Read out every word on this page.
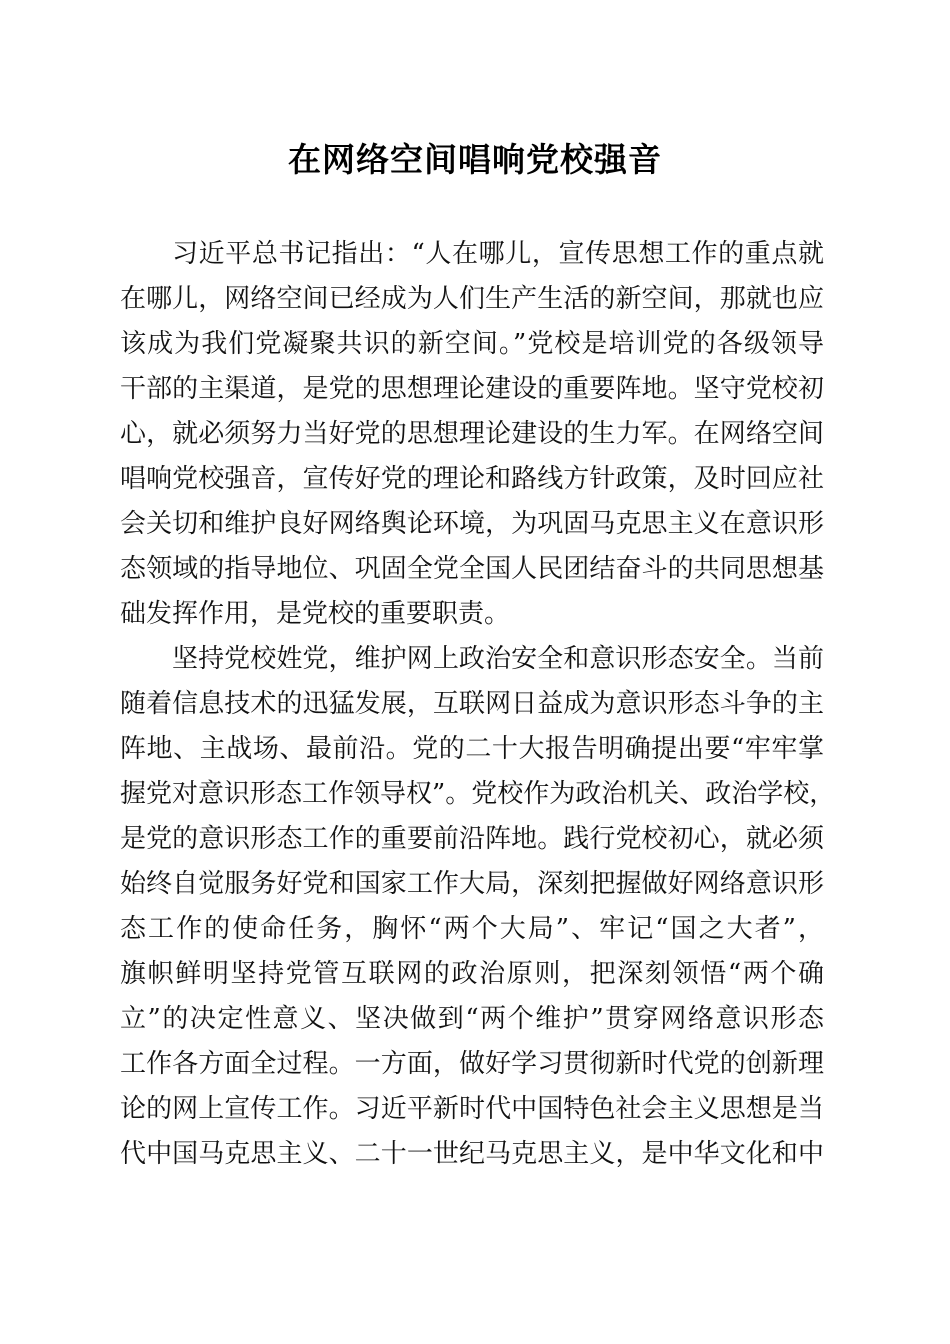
在网络空间唱响党校强音
习近平总书记指出：“人在哪儿，宣传思想工作的重点就
在哪儿，网络空间已经成为人们生产生活的新空间，那就也应
该成为我们党凝聚共识的新空间。”党校是培训党的各级领导
干部的主渠道，是党的思想理论建设的重要阵地。坚守党校初
心，就必须努力当好党的思想理论建设的生力军。在网络空间
唱响党校强音，宣传好党的理论和路线方针政策，及时回应社
会关切和维护良好网络舆论环境，为巩固马克思主义在意识形
态领域的指导地位、巩固全党全国人民团结奋斗的共同思想基
础发挥作用，是党校的重要职责。
坚持党校姓党，维护网上政治安全和意识形态安全。当前
随着信息技术的迅猛发展，互联网日益成为意识形态斗争的主
阵地、主战场、最前沿。党的二十大报告明确提出要“牢牢掌
握党对意识形态工作领导权”。党校作为政治机关、政治学校，
是党的意识形态工作的重要前沿阵地。践行党校初心，就必须
始终自觉服务好党和国家工作大局，深刻把握做好网络意识形
态工作的使命任务，胸怀“两个大局”、牢记“国之大者”，
旗帜鲜明坚持党管互联网的政治原则，把深刻领悟“两个确
立”的决定性意义、坚决做到“两个维护”贯穿网络意识形态
工作各方面全过程。一方面，做好学习贯彻新时代党的创新理
论的网上宣传工作。习近平新时代中国特色社会主义思想是当
代中国马克思主义、二十一世纪马克思主义，是中华文化和中
